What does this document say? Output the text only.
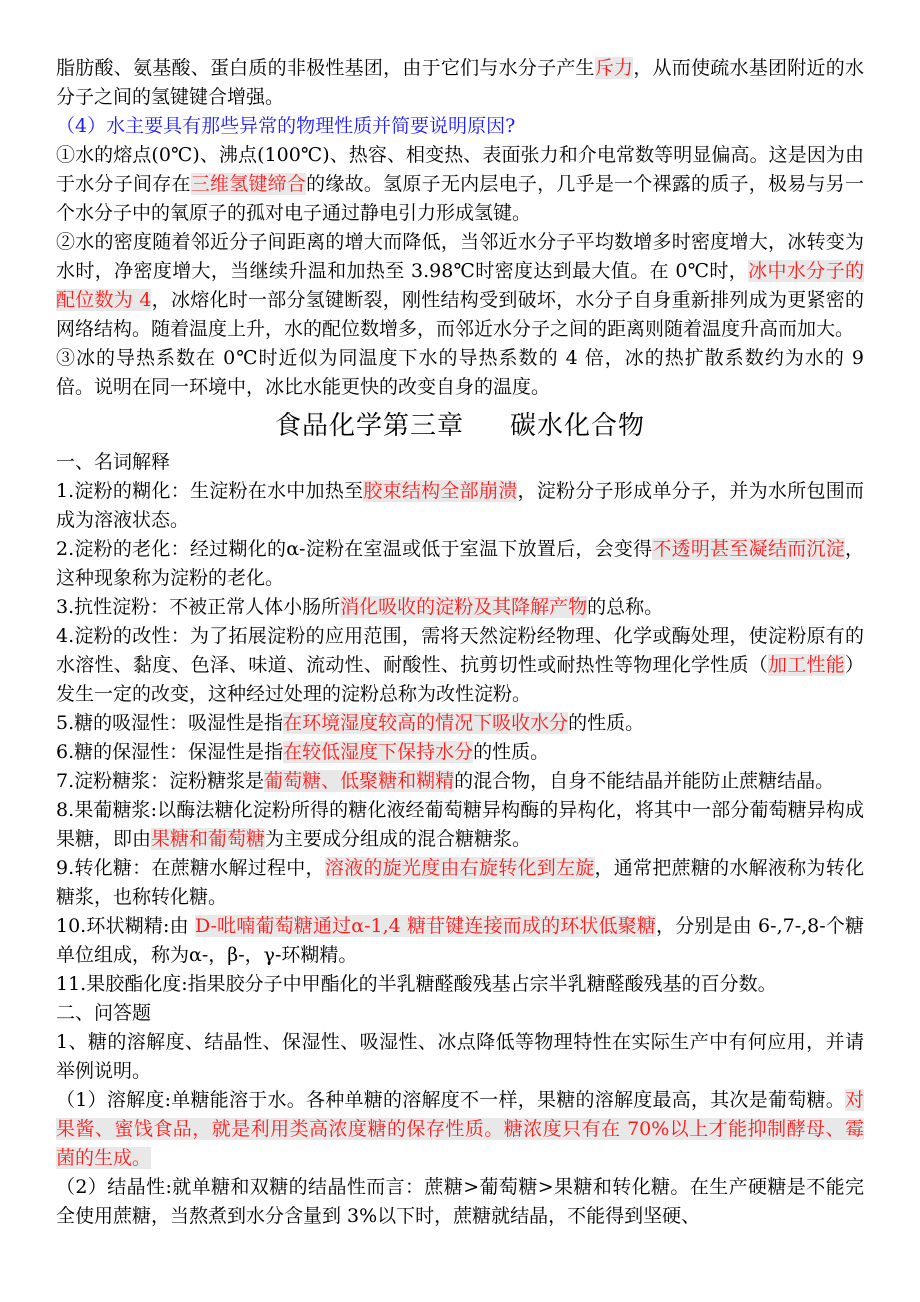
脂肪酸、氨基酸、蛋白质的非极性基团，由于它们与水分子产生斥力，从而使疏水基团附近的水分子之间的氢键键合增强。

（4）水主要具有那些异常的物理性质并简要说明原因?

①水的熔点(0℃)、沸点(100℃)、热容、相变热、表面张力和介电常数等明显偏高。这是因为由于水分子间存在三维氢键缔合的缘故。氢原子无内层电子，几乎是一个裸露的质子，极易与另一个水分子中的氧原子的孤对电子通过静电引力形成氢键。

②水的密度随着邻近分子间距离的增大而降低，当邻近水分子平均数增多时密度增大，冰转变为水时，净密度增大，当继续升温和加热至 3.98℃时密度达到最大值。在 0℃时，冰中水分子的配位数为 4，冰熔化时一部分氢键断裂，刚性结构受到破坏，水分子自身重新排列成为更紧密的网络结构。随着温度上升，水的配位数增多，而邻近水分子之间的距离则随着温度升高而加大。

③冰的导热系数在 0℃时近似为同温度下水的导热系数的 4 倍，冰的热扩散系数约为水的 9 倍。说明在同一环境中，冰比水能更快的改变自身的温度。

食品化学第三章 碳水化合物

一、名词解释

1.淀粉的糊化：生淀粉在水中加热至胶束结构全部崩溃，淀粉分子形成单分子，并为水所包围而成为溶液状态。

2.淀粉的老化：经过糊化的α-淀粉在室温或低于室温下放置后，会变得不透明甚至凝结而沉淀，这种现象称为淀粉的老化。

3.抗性淀粉：不被正常人体小肠所消化吸收的淀粉及其降解产物的总称。

4.淀粉的改性：为了拓展淀粉的应用范围，需将天然淀粉经物理、化学或酶处理，使淀粉原有的水溶性、黏度、色泽、味道、流动性、耐酸性、抗剪切性或耐热性等物理化学性质（加工性能）发生一定的改变，这种经过处理的淀粉总称为改性淀粉。

5.糖的吸湿性：吸湿性是指在环境湿度较高的情况下吸收水分的性质。

6.糖的保湿性：保湿性是指在较低湿度下保持水分的性质。

7.淀粉糖浆：淀粉糖浆是葡萄糖、低聚糖和糊精的混合物，自身不能结晶并能防止蔗糖结晶。

8.果葡糖浆:以酶法糖化淀粉所得的糖化液经葡萄糖异构酶的异构化，将其中一部分葡萄糖异构成果糖，即由果糖和葡萄糖为主要成分组成的混合糖糖浆。

9.转化糖：在蔗糖水解过程中，溶液的旋光度由右旋转化到左旋，通常把蔗糖的水解液称为转化糖浆，也称转化糖。

10.环状糊精:由 D-吡喃葡萄糖通过α-1,4 糖苷键连接而成的环状低聚糖，分别是由 6-,7-,8-个糖单位组成，称为α-，β-，γ-环糊精。

11.果胶酯化度:指果胶分子中甲酯化的半乳糖醛酸残基占宗半乳糖醛酸残基的百分数。

二、问答题

1、糖的溶解度、结晶性、保湿性、吸湿性、冰点降低等物理特性在实际生产中有何应用，并请举例说明。

（1）溶解度:单糖能溶于水。各种单糖的溶解度不一样，果糖的溶解度最高，其次是葡萄糖。对果酱、蜜饯食品，就是利用类高浓度糖的保存性质。糖浓度只有在 70%以上才能抑制酵母、霉菌的生成。

（2）结晶性:就单糖和双糖的结晶性而言：蔗糖>葡萄糖>果糖和转化糖。在生产硬糖是不能完全使用蔗糖，当熬煮到水分含量到 3%以下时，蔗糖就结晶，不能得到坚硬、
